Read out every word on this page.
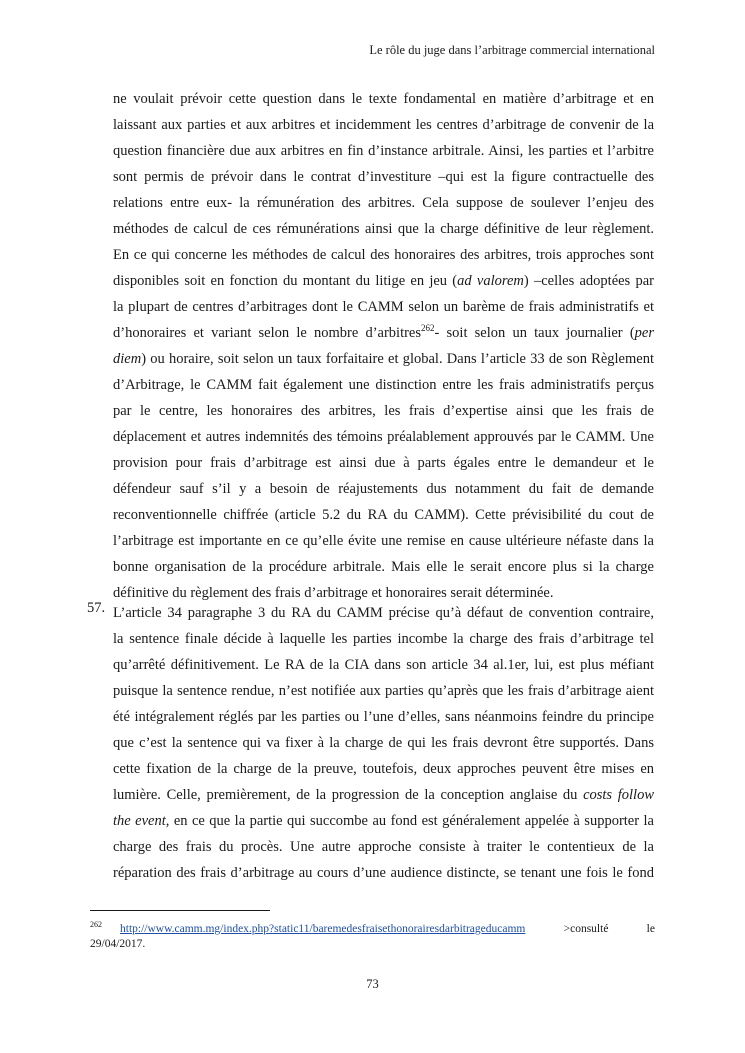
Le rôle du juge dans l’arbitrage commercial international
ne voulait prévoir cette question dans le texte fondamental en matière d’arbitrage et en
laissant aux parties et aux arbitres et incidemment les centres d’arbitrage de convenir de la
question financière due aux arbitres en fin d’instance arbitrale. Ainsi, les parties et l’arbitre
sont permis de prévoir dans le contrat d’investiture –qui est la figure contractuelle des
relations entre eux- la rémunération des arbitres. Cela suppose de soulever l’enjeu des
méthodes de calcul de ces rémunérations ainsi que la charge définitive de leur règlement.
En ce qui concerne les méthodes de calcul des honoraires des arbitres, trois approches sont
disponibles soit en fonction du montant du litige en jeu (ad valorem) –celles adoptées par
la plupart de centres d’arbitrages dont le CAMM selon un barème de frais administratifs et
d’honoraires et variant selon le nombre d’arbitres$^{262}$- soit selon un taux journalier (per
diem) ou horaire, soit selon un taux forfaitaire et global. Dans l’article 33 de son Règlement
d’Arbitrage, le CAMM fait également une distinction entre les frais administratifs perçus
par le centre, les honoraires des arbitres, les frais d’expertise ainsi que les frais de
déplacement et autres indemnités des témoins préalablement approuvés par le CAMM. Une
provision pour frais d’arbitrage est ainsi due à parts égales entre le demandeur et le
défendeur sauf s’il y a besoin de réajustements dus notamment du fait de demande
reconventionnelle chiffrée (article 5.2 du RA du CAMM). Cette prévisibilité du cout de
l’arbitrage est importante en ce qu’elle évite une remise en cause ultérieure néfaste dans la
bonne organisation de la procédure arbitrale. Mais elle le serait encore plus si la charge
définitive du règlement des frais d’arbitrage et honoraires serait déterminée.
57. L’article 34 paragraphe 3 du RA du CAMM précise qu’à défaut de convention contraire,
la sentence finale décide à laquelle les parties incombe la charge des frais d’arbitrage tel
qu’arrêté définitivement. Le RA de la CIA dans son article 34 al.1er, lui, est plus méfiant
puisque la sentence rendue, n’est notifiée aux parties qu’après que les frais d’arbitrage aient
été intégralement réglés par les parties ou l’une d’elles, sans néanmoins feindre du principe
que c’est la sentence qui va fixer à la charge de qui les frais devront être supportés. Dans
cette fixation de la charge de la preuve, toutefois, deux approches peuvent être mises en
lumière. Celle, premièrement, de la progression de la conception anglaise du costs follow
the event, en ce que la partie qui succombe au fond est généralement appelée à supporter la
charge des frais du procès. Une autre approche consiste à traiter le contentieux de la
réparation des frais d’arbitrage au cours d’une audience distincte, se tenant une fois le fond
$^{262}$ http://www.camm.mg/index.php?static11/baremedesfraisethonorairesdarbitrageducamm	>consulté	le
29/04/2017.
73
